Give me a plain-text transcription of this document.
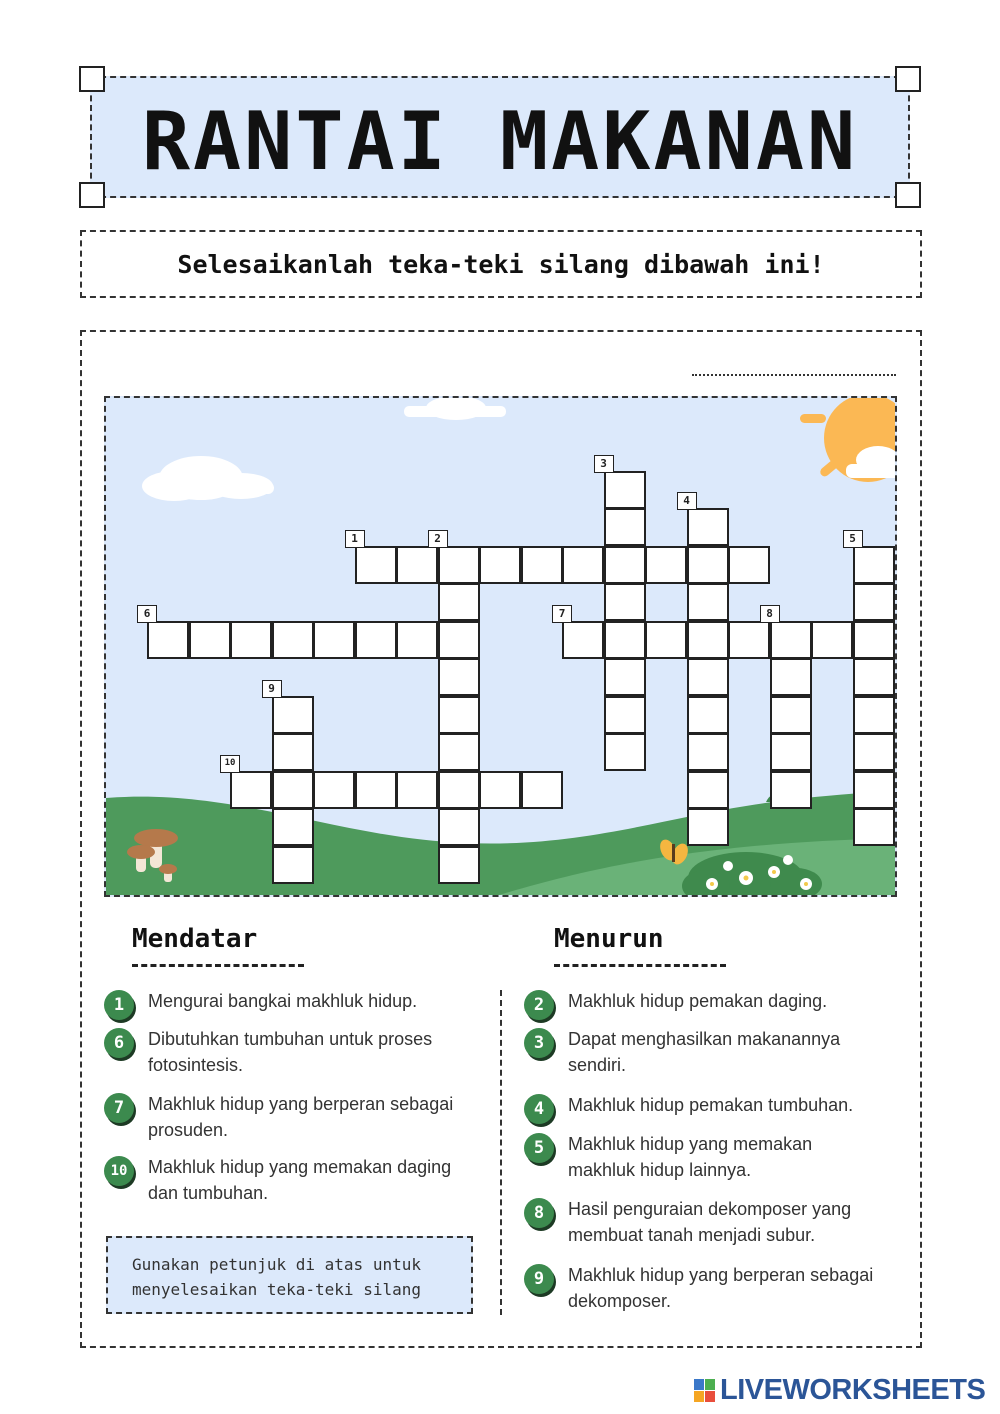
RANTAI MAKANAN
Selesaikanlah teka-teki silang dibawah ini!
1	2
3
4
5
6	7	8
9
10
Mendatar	Menurun
1	Mengurai bangkai makhluk hidup.
6	Dibutuhkan tumbuhan untuk proses fotosintesis.
7	Makhluk hidup yang berperan sebagai prosuden.
10	Makhluk hidup yang memakan daging dan tumbuhan.
2	Makhluk hidup pemakan daging.
3	Dapat menghasilkan makanannya sendiri.
4	Makhluk hidup pemakan tumbuhan.
5	Makhluk hidup yang memakan makhluk hidup lainnya.
8	Hasil penguraian dekomposer yang membuat tanah menjadi subur.
9	Makhluk hidup yang berperan sebagai dekomposer.
Gunakan petunjuk di atas untuk menyelesaikan teka-teki silang
LIVEWORKSHEETS
